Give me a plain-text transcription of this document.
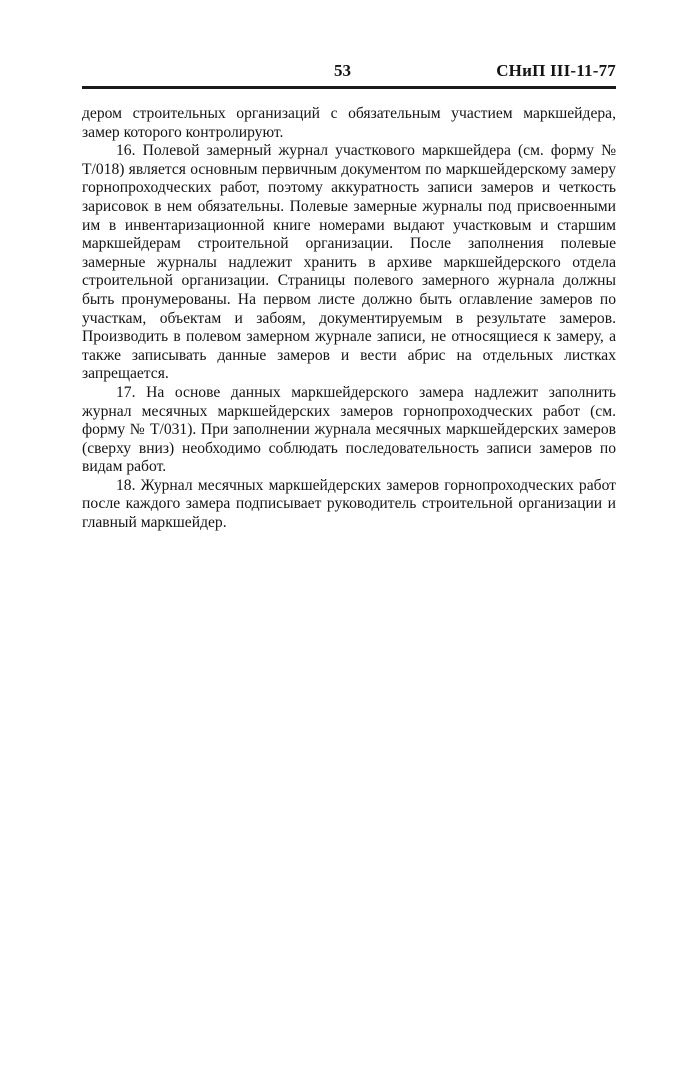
53	СНиП III-11-77

дером строительных организаций с обязательным участием маркшейдера, замер которого контролируют.

16. Полевой замерный журнал участкового маркшейдера (см. форму № Т/018) является основным первичным документом по маркшейдерскому замеру горнопроходческих работ, поэтому аккуратность записи замеров и четкость зарисовок в нем обязательны. Полевые замерные журналы под присвоенными им в инвентаризационной книге номерами выдают участковым и старшим маркшейдерам строительной организации. После заполнения полевые замерные журналы надлежит хранить в архиве маркшейдерского отдела строительной организации. Страницы полевого замерного журнала должны быть пронумерованы. На первом листе должно быть оглавление замеров по участкам, объектам и забоям, документируемым в результате замеров. Производить в полевом замерном журнале записи, не относящиеся к замеру, а также записывать данные замеров и вести абрис на отдельных листках запрещается.

17. На основе данных маркшейдерского замера надлежит заполнить журнал месячных маркшейдерских замеров горнопроходческих работ (см. форму № Т/031). При заполнении журнала месячных маркшейдерских замеров (сверху вниз) необходимо соблюдать последовательность записи замеров по видам работ.

18. Журнал месячных маркшейдерских замеров горнопроходческих работ после каждого замера подписывает руководитель строительной организации и главный маркшейдер.
